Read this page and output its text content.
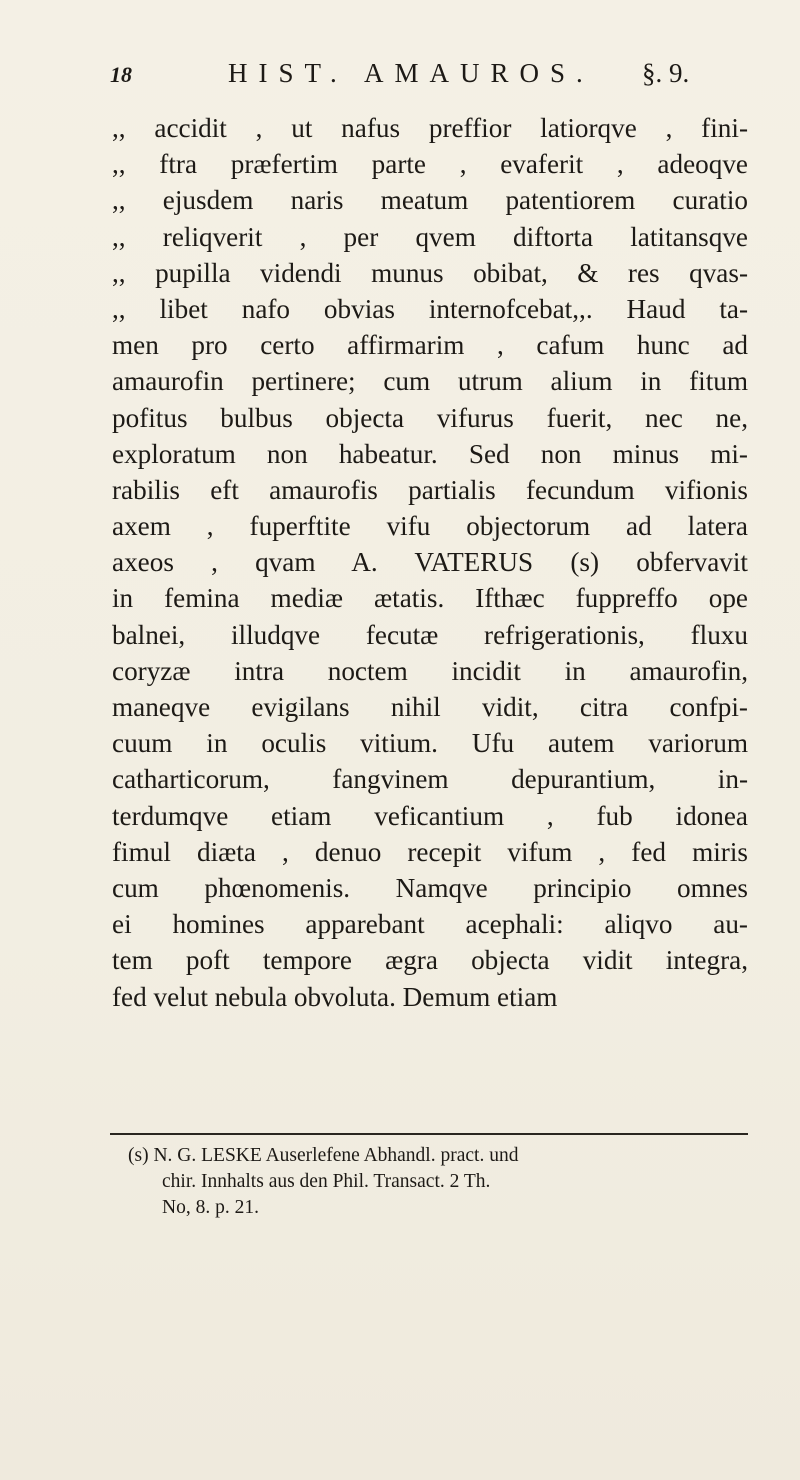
18	HIST. AMAUROS. §. 9.
,, accidit , ut nafus preffior latiorqve , fini-
,, ftra præfertim parte , evaferit , adeoqve
,, ejusdem naris meatum patentiorem curatio
,, reliqverit , per qvem diftorta latitansqve
,, pupilla videndi munus obibat, & res qvas-
,, libet nafo obvias internofcebat,,. Haud ta-
men pro certo affirmarim , cafum hunc ad
amaurofin pertinere; cum utrum alium in fitum
pofitus bulbus objecta vifurus fuerit, nec ne,
exploratum non habeatur. Sed non minus mi-
rabilis eft amaurofis partialis fecundum vifionis
axem , fuperftite vifu objectorum ad latera
axeos , qvam A. VATERUS (s) obfervavit
in femina mediæ ætatis. Ifthæc fuppreffo ope
balnei, illudqve fecutæ refrigerationis, fluxu
coryzæ intra noctem incidit in amaurofin,
maneqve evigilans nihil vidit, citra confpi-
cuum in oculis vitium. Ufu autem variorum
catharticorum, fangvinem depurantium, in-
terdumqve etiam veficantium , fub idonea
fimul diæta , denuo recepit vifum , fed miris
cum phœnomenis. Namqve principio omnes
ei homines apparebant acephali: aliqvo au-
tem poft tempore ægra objecta vidit integra,
fed velut nebula obvoluta. Demum etiam
(s) N. G. LESKE Auserlefene Abhandl. pract. und
chir. Innhalts aus den Phil. Transact. 2 Th.
No, 8. p. 21.
